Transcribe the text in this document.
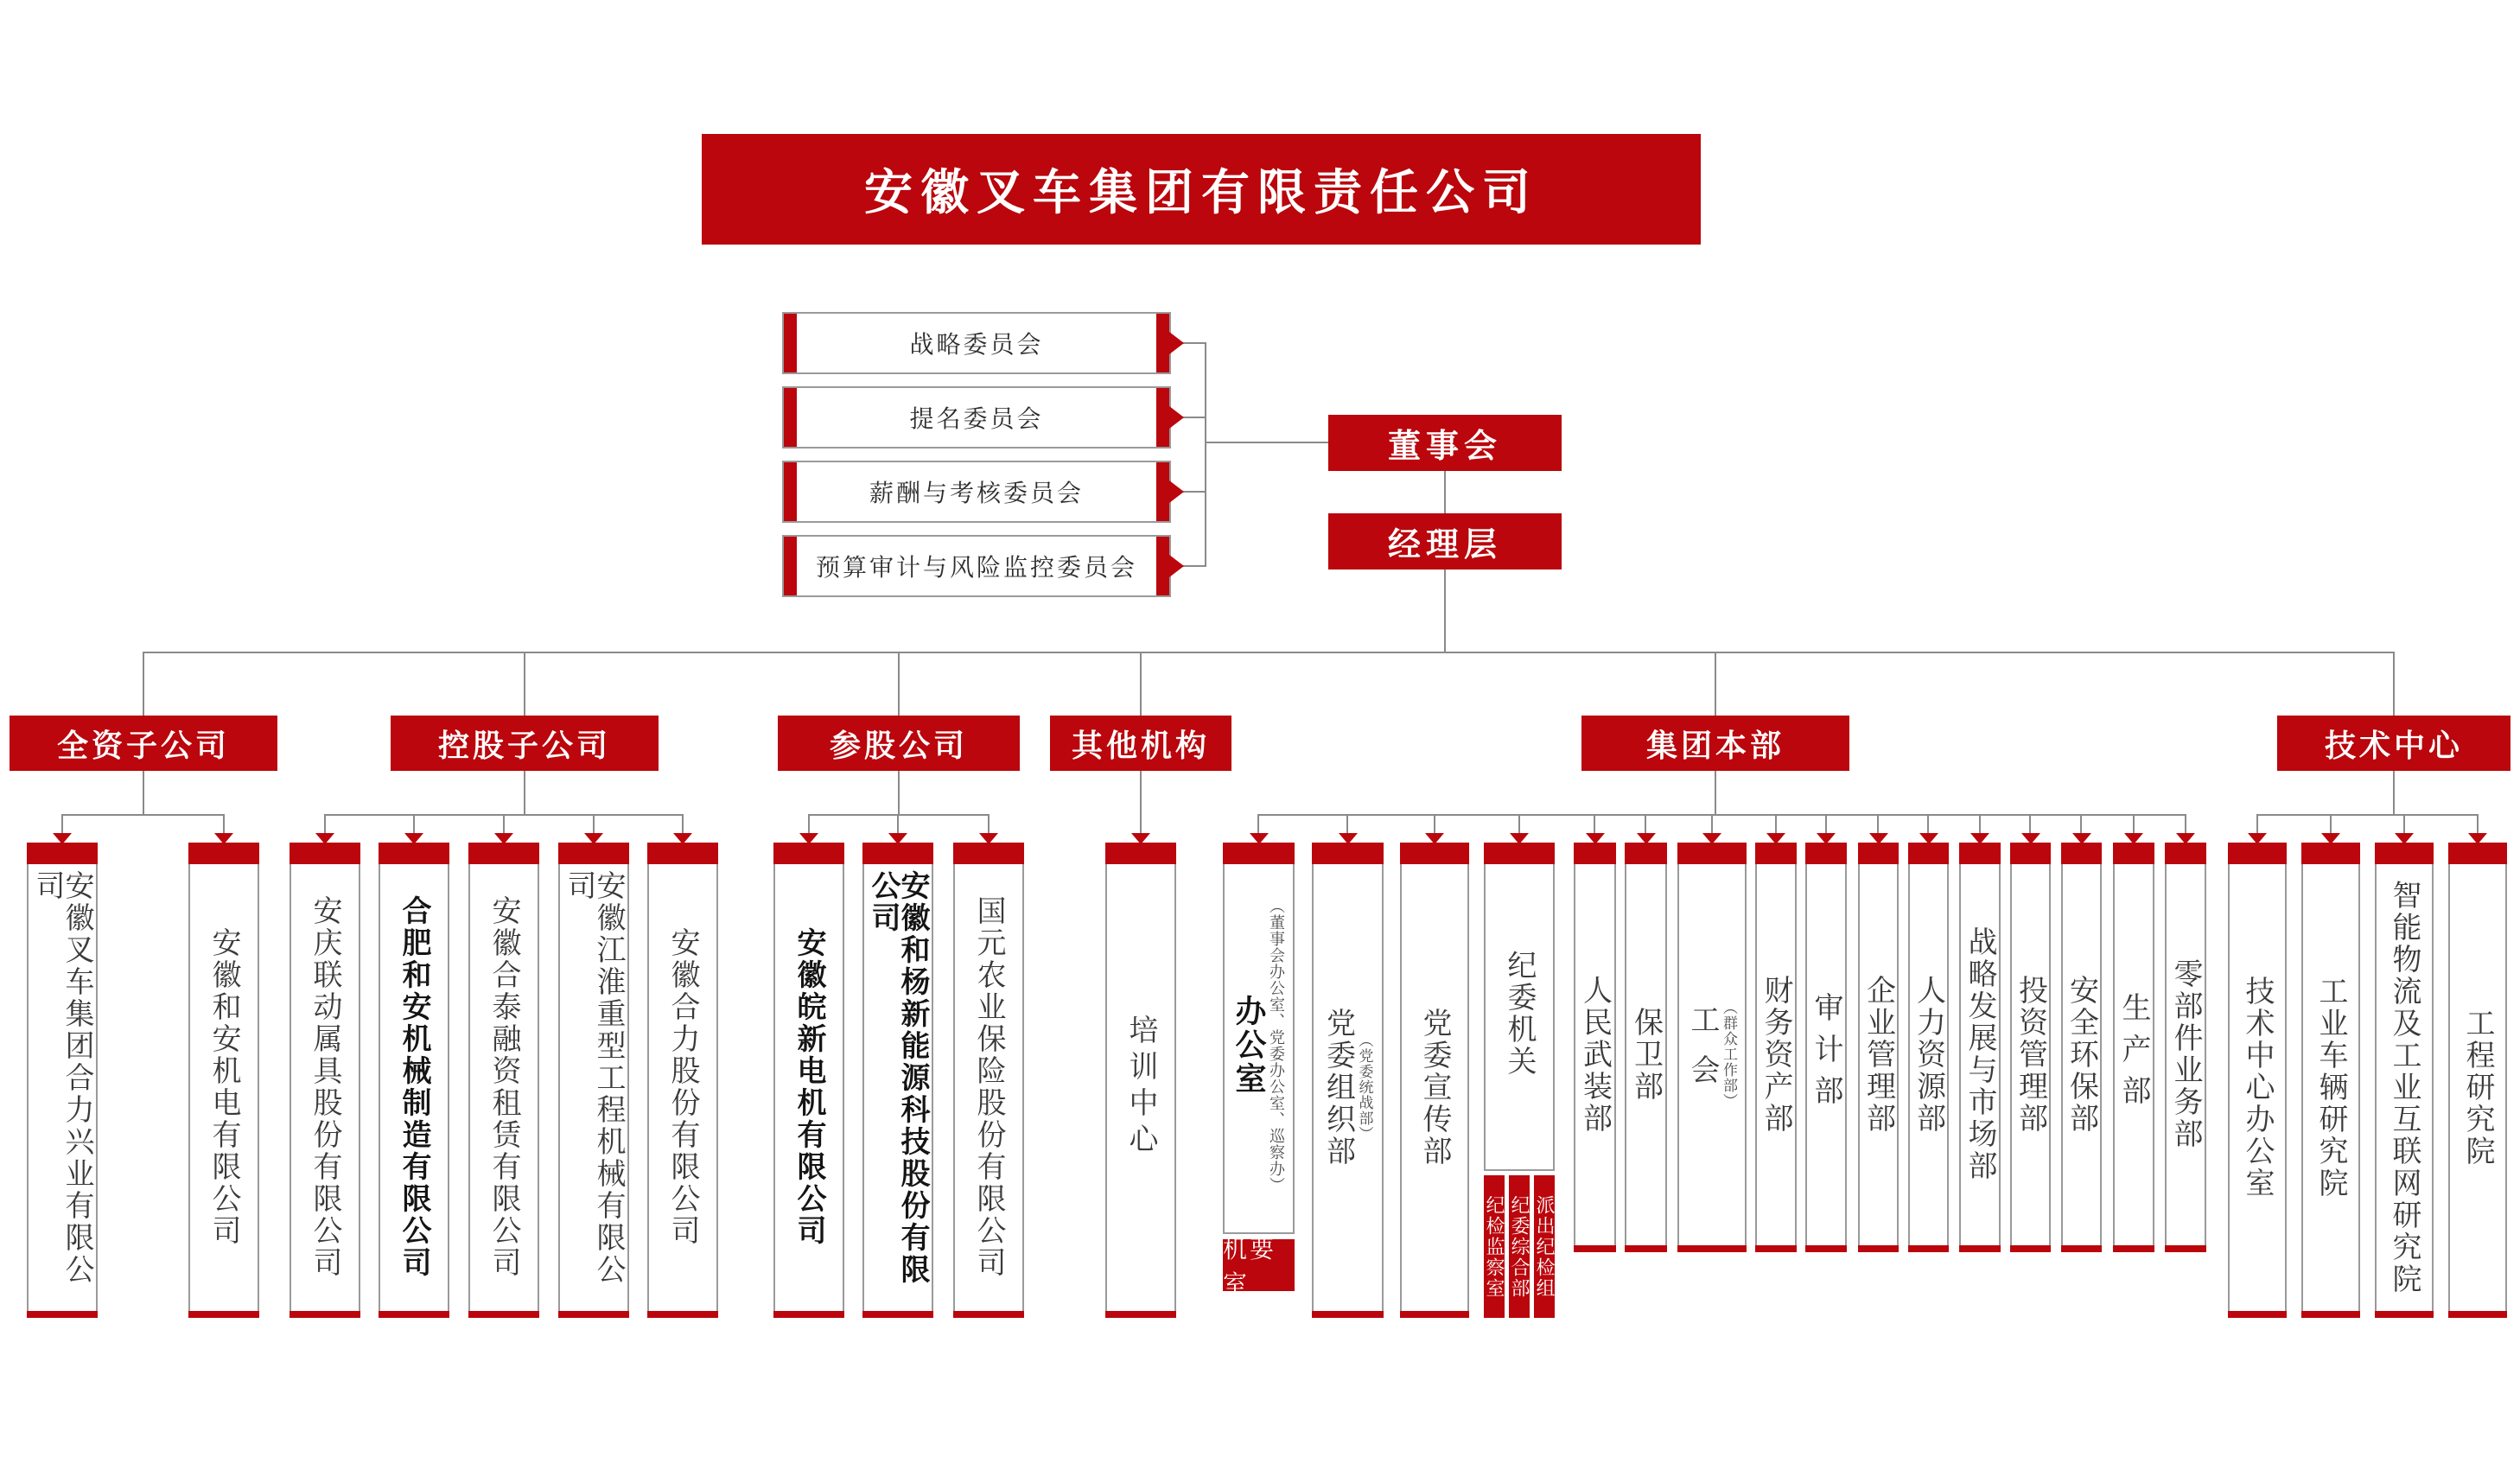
安徽叉车集团有限责任公司
战略委员会
提名委员会
薪酬与考核委员会
预算审计与风险监控委员会
董事会
经理层
全资子公司	控股子公司	参股公司	其他机构	集团本部	技术中心
安徽叉车集团合力兴业有限公司
安徽和安机电有限公司 安庆联动属具股份有限公司 合肥和安机械制造有限公司 安徽合泰融资租赁有限公司	安徽江淮重型工程机械有限公司
安徽合力股份有限公司	安徽皖新电机有限公司	安徽和杨新能源科技股份有限公司	国元农业保险股份有限公司	培训中心 办公室 （董事会办公室、党委办公室、巡察办）
机要室
党委组织部 （党委统战部） 党委宣传部 纪委机关
纪检监察室 纪委综合部 派出纪检组
人民武装部 保卫部 工会 （群众工作部） 财务资产部 审计部 企业管理部 人力资源部 战略发展与市场部 投资管理部 安全环保部 生产部 零部件业务部 技术中心办公室 工业车辆研究院 智能物流及工业互联网研究院 工程研究院
